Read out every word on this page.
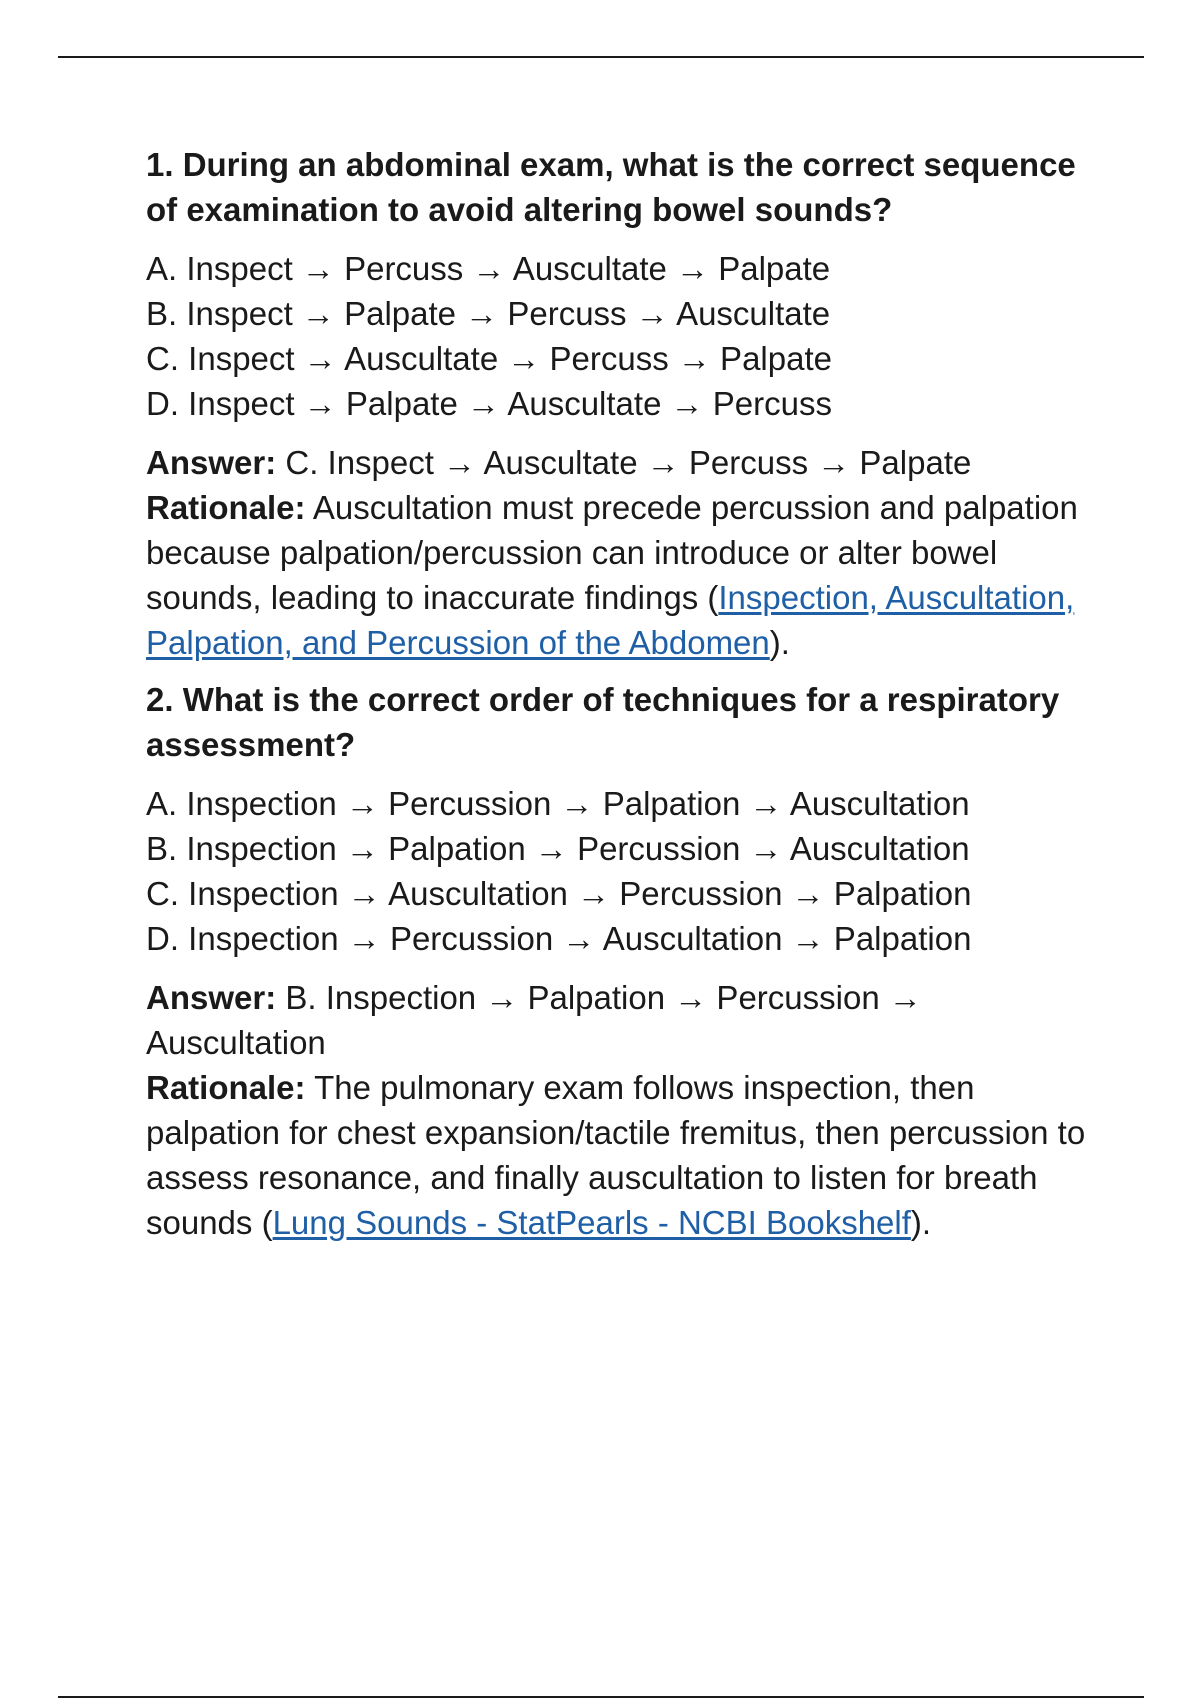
1. During an abdominal exam, what is the correct sequence of examination to avoid altering bowel sounds?

A. Inspect → Percuss → Auscultate → Palpate
B. Inspect → Palpate → Percuss → Auscultate
C. Inspect → Auscultate → Percuss → Palpate
D. Inspect → Palpate → Auscultate → Percuss
Answer: C. Inspect → Auscultate → Percuss → Palpate
Rationale: Auscultation must precede percussion and palpation because palpation/percussion can introduce or alter bowel sounds, leading to inaccurate findings (Inspection, Auscultation, Palpation, and Percussion of the Abdomen).

2. What is the correct order of techniques for a respiratory assessment?

A. Inspection → Percussion → Palpation → Auscultation
B. Inspection → Palpation → Percussion → Auscultation
C. Inspection → Auscultation → Percussion → Palpation
D. Inspection → Percussion → Auscultation → Palpation
Answer: B. Inspection → Palpation → Percussion → Auscultation
Rationale: The pulmonary exam follows inspection, then palpation for chest expansion/tactile fremitus, then percussion to assess resonance, and finally auscultation to listen for breath sounds (Lung Sounds - StatPearls - NCBI Bookshelf).
